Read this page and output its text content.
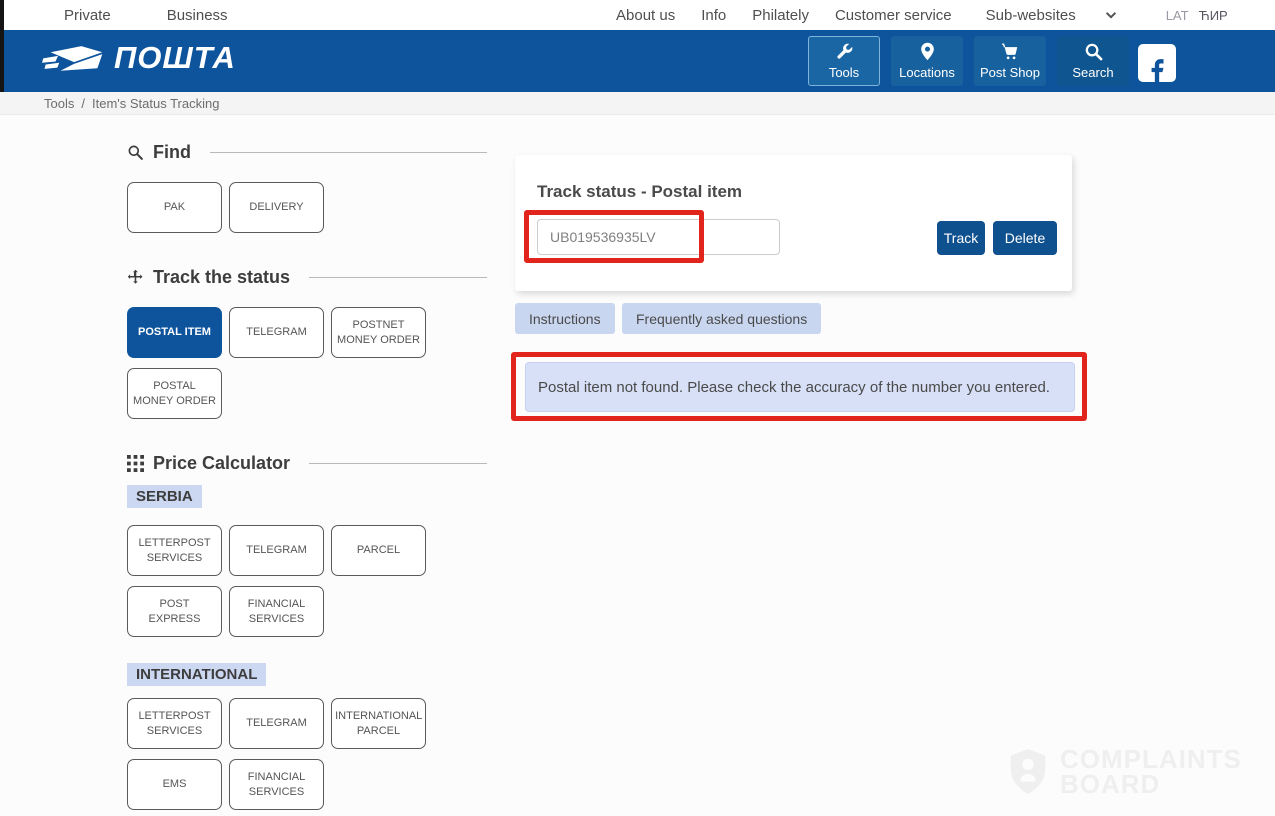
Private	Business	About us Info Philately Customer service Sub-websites	LAT ЋИР
ПОШТА	Tools	Locations Post Shop Search
Tools / Item's Status Tracking
Find
PAK	DELIVERY
Track the status
POSTAL ITEM	TELEGRAM
POSTNET MONEY ORDER
POSTAL MONEY ORDER
Price Calculator
SERBIA
LETTERPOST SERVICES
TELEGRAM	PARCEL
POST EXPRESS
FINANCIAL SERVICES
INTERNATIONAL
LETTERPOST SERVICES
TELEGRAM
INTERNATIONAL PARCEL
EMS
FINANCIAL SERVICES
Track status - Postal item
UB019536935LV
Track	Delete
Instructions	Frequently asked questions
Postal item not found. Please check the accuracy of the number you entered.
COMPLAINTS
BOARD
